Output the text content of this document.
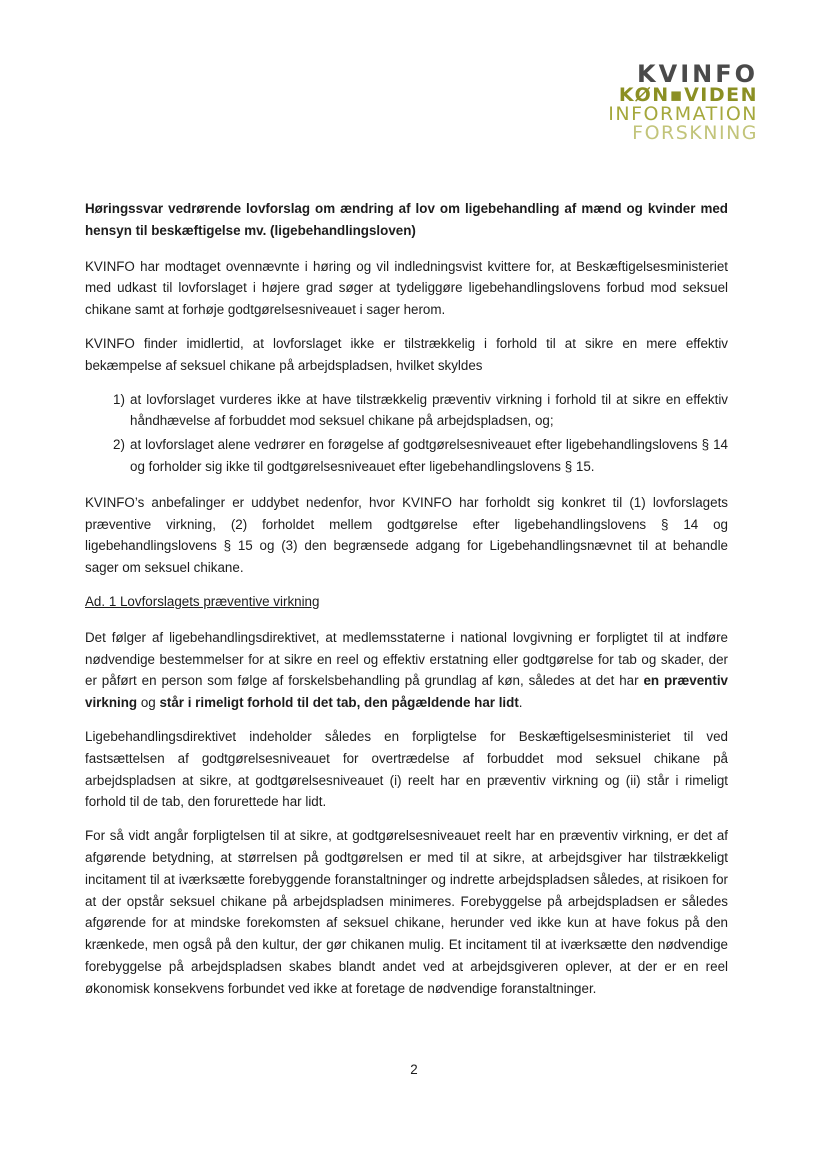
KVINFO
KØN▪VIDEN
INFORMATION
FORSKNING

Høringssvar vedrørende lovforslag om ændring af lov om ligebehandling af mænd og kvinder med hensyn til beskæftigelse mv. (ligebehandlingsloven)

KVINFO har modtaget ovennævnte i høring og vil indledningsvist kvittere for, at Beskæftigelsesministeriet med udkast til lovforslaget i højere grad søger at tydeliggøre ligebehandlingslovens forbud mod seksuel chikane samt at forhøje godtgørelsesniveauet i sager herom.

KVINFO finder imidlertid, at lovforslaget ikke er tilstrækkelig i forhold til at sikre en mere effektiv bekæmpelse af seksuel chikane på arbejdspladsen, hvilket skyldes

1) at lovforslaget vurderes ikke at have tilstrækkelig præventiv virkning i forhold til at sikre en effektiv håndhævelse af forbuddet mod seksuel chikane på arbejdspladsen, og;
2) at lovforslaget alene vedrører en forøgelse af godtgørelsesniveauet efter ligebehandlingslovens § 14 og forholder sig ikke til godtgørelsesniveauet efter ligebehandlingslovens § 15.

KVINFO’s anbefalinger er uddybet nedenfor, hvor KVINFO har forholdt sig konkret til (1) lovforslagets præventive virkning, (2) forholdet mellem godtgørelse efter ligebehandlingslovens § 14 og ligebehandlingslovens § 15 og (3) den begrænsede adgang for Ligebehandlingsnævnet til at behandle sager om seksuel chikane.

Ad. 1 Lovforslagets præventive virkning

Det følger af ligebehandlingsdirektivet, at medlemsstaterne i national lovgivning er forpligtet til at indføre nødvendige bestemmelser for at sikre en reel og effektiv erstatning eller godtgørelse for tab og skader, der er påført en person som følge af forskelsbehandling på grundlag af køn, således at det har en præventiv virkning og står i rimeligt forhold til det tab, den pågældende har lidt.

Ligebehandlingsdirektivet indeholder således en forpligtelse for Beskæftigelsesministeriet til ved fastsættelsen af godtgørelsesniveauet for overtrædelse af forbuddet mod seksuel chikane på arbejdspladsen at sikre, at godtgørelsesniveauet (i) reelt har en præventiv virkning og (ii) står i rimeligt forhold til de tab, den forurettede har lidt.

For så vidt angår forpligtelsen til at sikre, at godtgørelsesniveauet reelt har en præventiv virkning, er det af afgørende betydning, at størrelsen på godtgørelsen er med til at sikre, at arbejdsgiver har tilstrækkeligt incitament til at iværksætte forebyggende foranstaltninger og indrette arbejdspladsen således, at risikoen for at der opstår seksuel chikane på arbejdspladsen minimeres. Forebyggelse på arbejdspladsen er således afgørende for at mindske forekomsten af seksuel chikane, herunder ved ikke kun at have fokus på den krænkede, men også på den kultur, der gør chikanen mulig. Et incitament til at iværksætte den nødvendige forebyggelse på arbejdspladsen skabes blandt andet ved at arbejdsgiveren oplever, at der er en reel økonomisk konsekvens forbundet ved ikke at foretage de nødvendige foranstaltninger.

2
